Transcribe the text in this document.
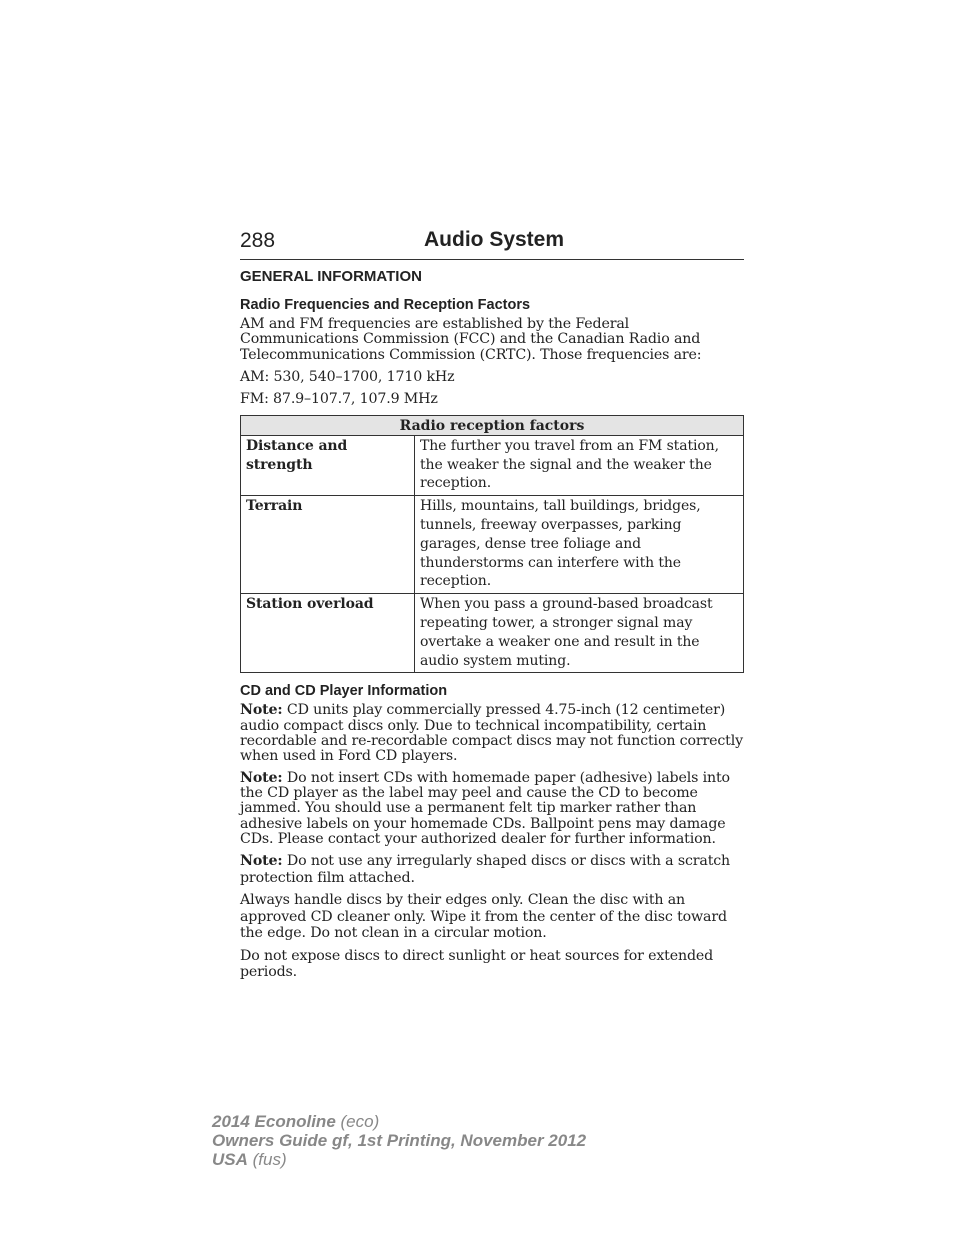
288	Audio System
GENERAL INFORMATION
Radio Frequencies and Reception Factors

AM and FM frequencies are established by the Federal Communications Commission (FCC) and the Canadian Radio and Telecommunications Commission (CRTC). Those frequencies are:

AM: 530, 540–1700, 1710 kHz

FM: 87.9–107.7, 107.9 MHz

Radio reception factors	
Distance and strength	The further you travel from an FM station, the weaker the signal and the weaker the reception.
Terrain	Hills, mountains, tall buildings, bridges, tunnels, freeway overpasses, parking garages, dense tree foliage and thunderstorms can interfere with the reception.
Station overload	When you pass a ground-based broadcast repeating tower, a stronger signal may overtake a weaker one and result in the audio system muting.
CD and CD Player Information

Note: CD units play commercially pressed 4.75-inch (12 centimeter) audio compact discs only. Due to technical incompatibility, certain recordable and re-recordable compact discs may not function correctly when used in Ford CD players.

Note: Do not insert CDs with homemade paper (adhesive) labels into the CD player as the label may peel and cause the CD to become jammed. You should use a permanent felt tip marker rather than adhesive labels on your homemade CDs. Ballpoint pens may damage CDs. Please contact your authorized dealer for further information.

Note: Do not use any irregularly shaped discs or discs with a scratch protection film attached.

Always handle discs by their edges only. Clean the disc with an approved CD cleaner only. Wipe it from the center of the disc toward the edge. Do not clean in a circular motion.

Do not expose discs to direct sunlight or heat sources for extended periods.

2014 Econoline (eco)
Owners Guide gf, 1st Printing, November 2012
USA (fus)
